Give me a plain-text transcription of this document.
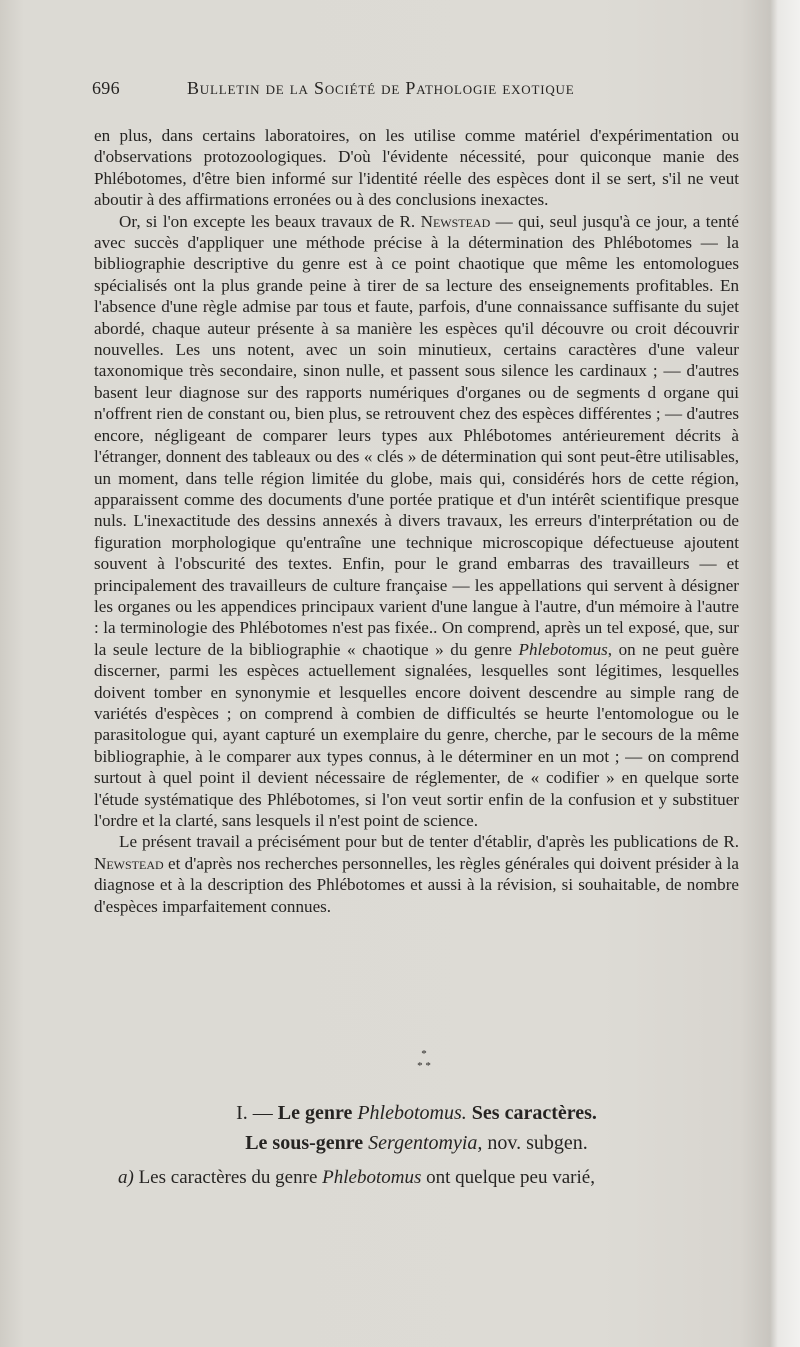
696	Bulletin de la Société de Pathologie exotique

en plus, dans certains laboratoires, on les utilise comme matériel d'expérimentation ou d'observations protozoologiques. D'où l'évidente nécessité, pour quiconque manie des Phlébotomes, d'être bien informé sur l'identité réelle des espèces dont il se sert, s'il ne veut aboutir à des affirmations erronées ou à des conclusions inexactes.

Or, si l'on excepte les beaux travaux de R. Newstead — qui, seul jusqu'à ce jour, a tenté avec succès d'appliquer une méthode précise à la détermination des Phlébotomes — la bibliographie descriptive du genre est à ce point chaotique que même les entomologues spécialisés ont la plus grande peine à tirer de sa lecture des enseignements profitables. En l'absence d'une règle admise par tous et faute, parfois, d'une connaissance suffisante du sujet abordé, chaque auteur présente à sa manière les espèces qu'il découvre ou croit découvrir nouvelles. Les uns notent, avec un soin minutieux, certains caractères d'une valeur taxonomique très secondaire, sinon nulle, et passent sous silence les cardinaux ; — d'autres basent leur diagnose sur des rapports numériques d'organes ou de segments d organe qui n'offrent rien de constant ou, bien plus, se retrouvent chez des espèces différentes ; — d'autres encore, négligeant de comparer leurs types aux Phlébotomes antérieurement décrits à l'étranger, donnent des tableaux ou des « clés » de détermination qui sont peut-être utilisables, un moment, dans telle région limitée du globe, mais qui, considérés hors de cette région, apparaissent comme des documents d'une portée pratique et d'un intérêt scientifique presque nuls. L'inexactitude des dessins annexés à divers travaux, les erreurs d'interprétation ou de figuration morphologique qu'entraîne une technique microscopique défectueuse ajoutent souvent à l'obscurité des textes. Enfin, pour le grand embarras des travailleurs — et principalement des travailleurs de culture française — les appellations qui servent à désigner les organes ou les appendices principaux varient d'une langue à l'autre, d'un mémoire à l'autre : la terminologie des Phlébotomes n'est pas fixée.. On comprend, après un tel exposé, que, sur la seule lecture de la bibliographie « chaotique » du genre Phlebotomus, on ne peut guère discerner, parmi les espèces actuellement signalées, lesquelles sont légitimes, lesquelles doivent tomber en synonymie et lesquelles encore doivent descendre au simple rang de variétés d'espèces ; on comprend à combien de difficultés se heurte l'entomologue ou le parasitologue qui, ayant capturé un exemplaire du genre, cherche, par le secours de la même bibliographie, à le comparer aux types connus, à le déterminer en un mot ; — on comprend surtout à quel point il devient nécessaire de réglementer, de « codifier » en quelque sorte l'étude systématique des Phlébotomes, si l'on veut sortir enfin de la confusion et y substituer l'ordre et la clarté, sans lesquels il n'est point de science.

Le présent travail a précisément pour but de tenter d'établir, d'après les publications de R. Newstead et d'après nos recherches personnelles, les règles générales qui doivent présider à la diagnose et à la description des Phlébotomes et aussi à la révision, si souhaitable, de nombre d'espèces imparfaitement connues.

*
* *
I. — Le genre Phlebotomus. Ses caractères.
Le sous-genre Sergentomyia, nov. subgen.
a) Les caractères du genre Phlebotomus ont quelque peu varié,
